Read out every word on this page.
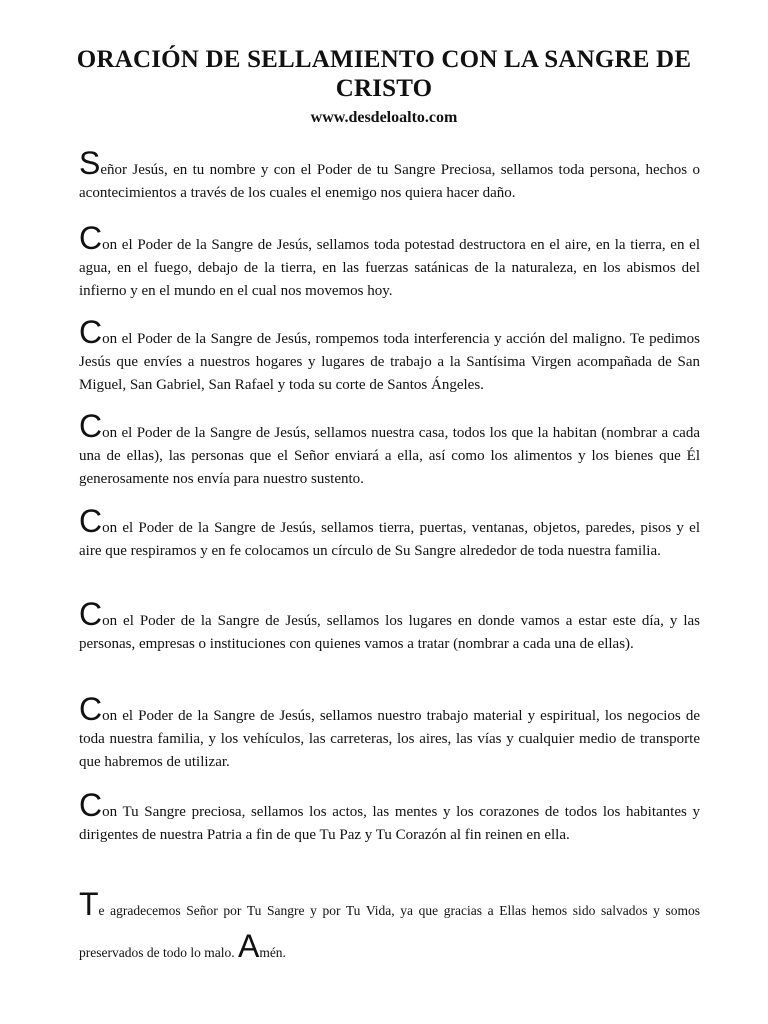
ORACIÓN DE SELLAMIENTO CON LA SANGRE DE CRISTO
www.desdeloalto.com

Señor Jesús, en tu nombre y con el Poder de tu Sangre Preciosa, sellamos toda persona, hechos o acontecimientos a través de los cuales el enemigo nos quiera hacer daño.

Con el Poder de la Sangre de Jesús, sellamos toda potestad destructora en el aire, en la tierra, en el agua, en el fuego, debajo de la tierra, en las fuerzas satánicas de la naturaleza, en los abismos del infierno y en el mundo en el cual nos movemos hoy.

Con el Poder de la Sangre de Jesús, rompemos toda interferencia y acción del maligno. Te pedimos Jesús que envíes a nuestros hogares y lugares de trabajo a la Santísima Virgen acompañada de San Miguel, San Gabriel, San Rafael y toda su corte de Santos Ángeles.

Con el Poder de la Sangre de Jesús, sellamos nuestra casa, todos los que la habitan (nombrar a cada una de ellas), las personas que el Señor enviará a ella, así como los alimentos y los bienes que Él generosamente nos envía para nuestro sustento.

Con el Poder de la Sangre de Jesús, sellamos tierra, puertas, ventanas, objetos, paredes, pisos y el aire que respiramos y en fe colocamos un círculo de Su Sangre alrededor de toda nuestra familia.

Con el Poder de la Sangre de Jesús, sellamos los lugares en donde vamos a estar este día, y las personas, empresas o instituciones con quienes vamos a tratar (nombrar a cada una de ellas).

Con el Poder de la Sangre de Jesús, sellamos nuestro trabajo material y espiritual, los negocios de toda nuestra familia, y los vehículos, las carreteras, los aires, las vías y cualquier medio de transporte que habremos de utilizar.

Con Tu Sangre preciosa, sellamos los actos, las mentes y los corazones de todos los habitantes y dirigentes de nuestra Patria a fin de que Tu Paz y Tu Corazón al fin reinen en ella.

Te agradecemos Señor por Tu Sangre y por Tu Vida, ya que gracias a Ellas hemos sido salvados y somos preservados de todo lo malo. Amén.
